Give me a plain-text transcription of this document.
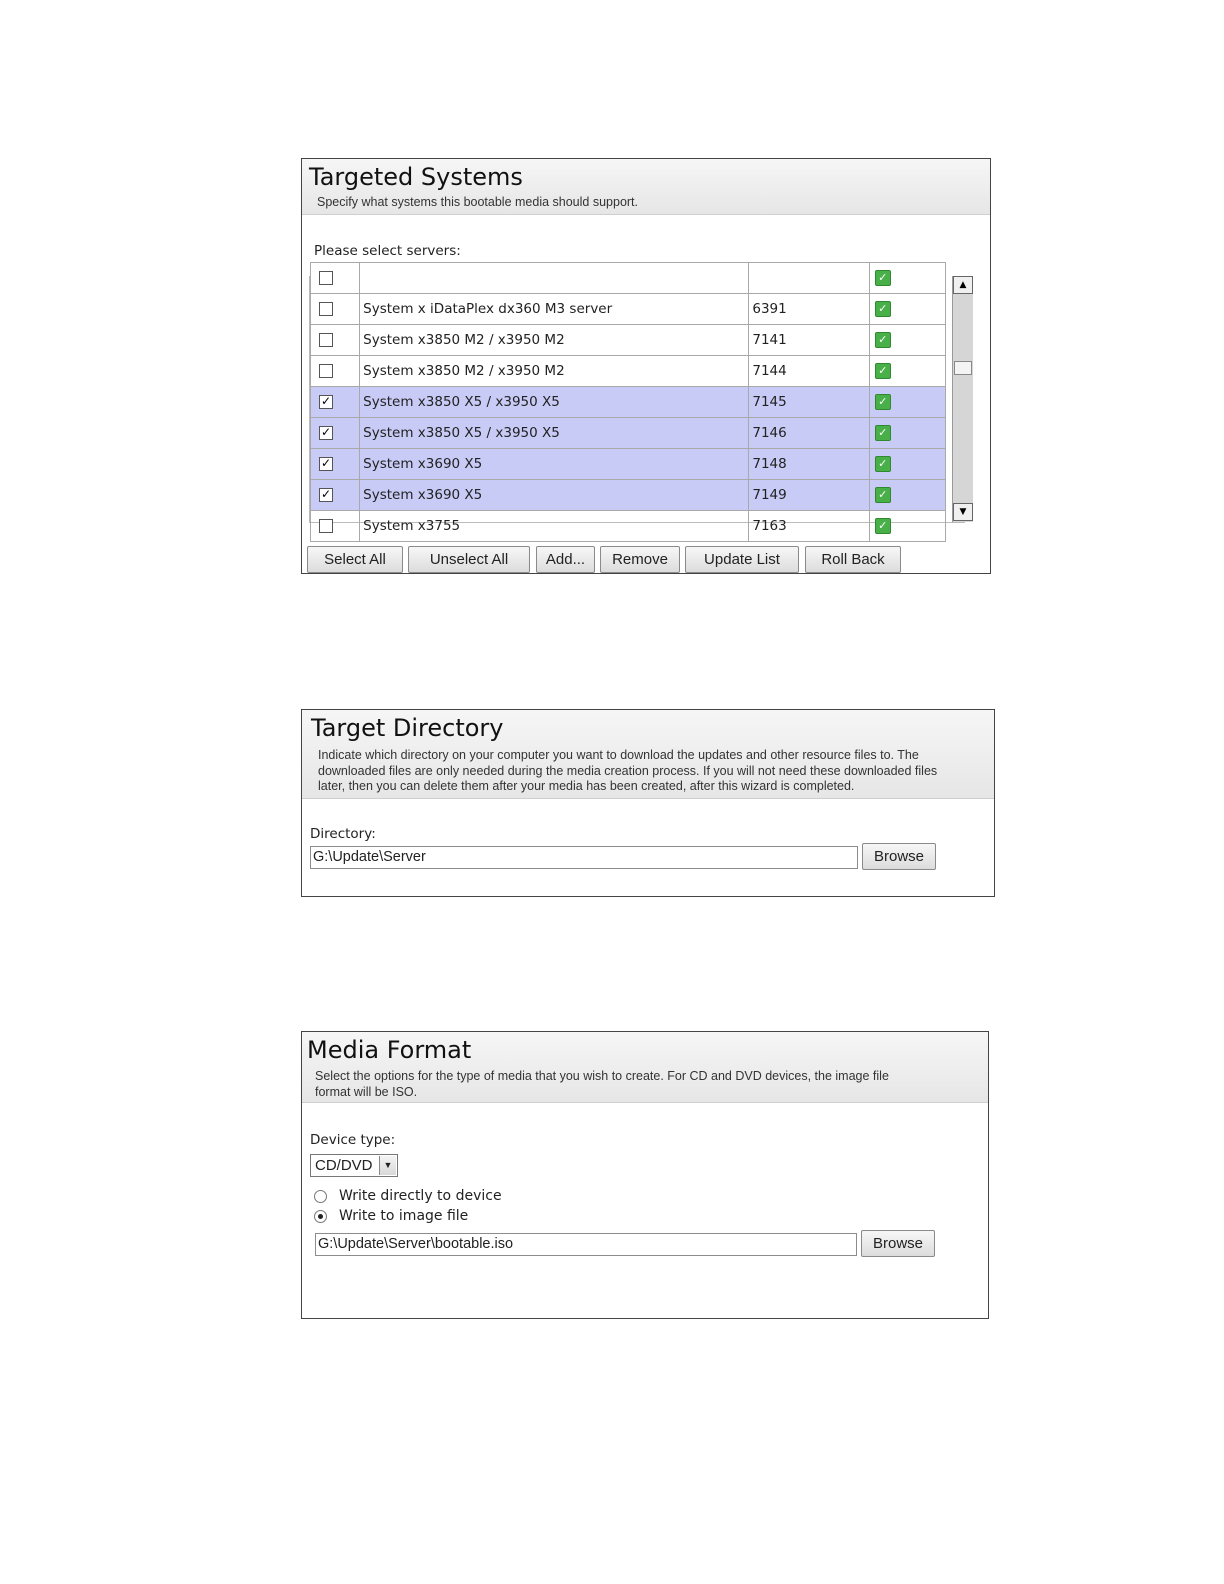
Targeted Systems
Specify what systems this bootable media should support.
Please select servers:
			✓
	System x iDataPlex dx360 M3 server	6391	✓
	System x3850 M2 / x3950 M2	7141	✓
	System x3850 M2 / x3950 M2	7144	✓
✓	System x3850 X5 / x3950 X5	7145	✓
✓	System x3850 X5 / x3950 X5	7146	✓
✓	System x3690 X5	7148	✓
✓	System x3690 X5	7149	✓
	System x3755	7163	✓
▲
▼
Select All	Unselect All	Add...	Remove	Update List	Roll Back
Target Directory
Indicate which directory on your computer you want to download the updates and other resource files to. The downloaded files are only needed during the media creation process. If you will not need these downloaded files later, then you can delete them after your media has been created, after this wizard is completed.
Directory:
G:\Update\Server	Browse
Media Format
Select the options for the type of media that you wish to create. For CD and DVD devices, the image file format will be ISO.
Device type:
CD/DVD	▼
Write directly to device
Write to image file
G:\Update\Server\bootable.iso	Browse
